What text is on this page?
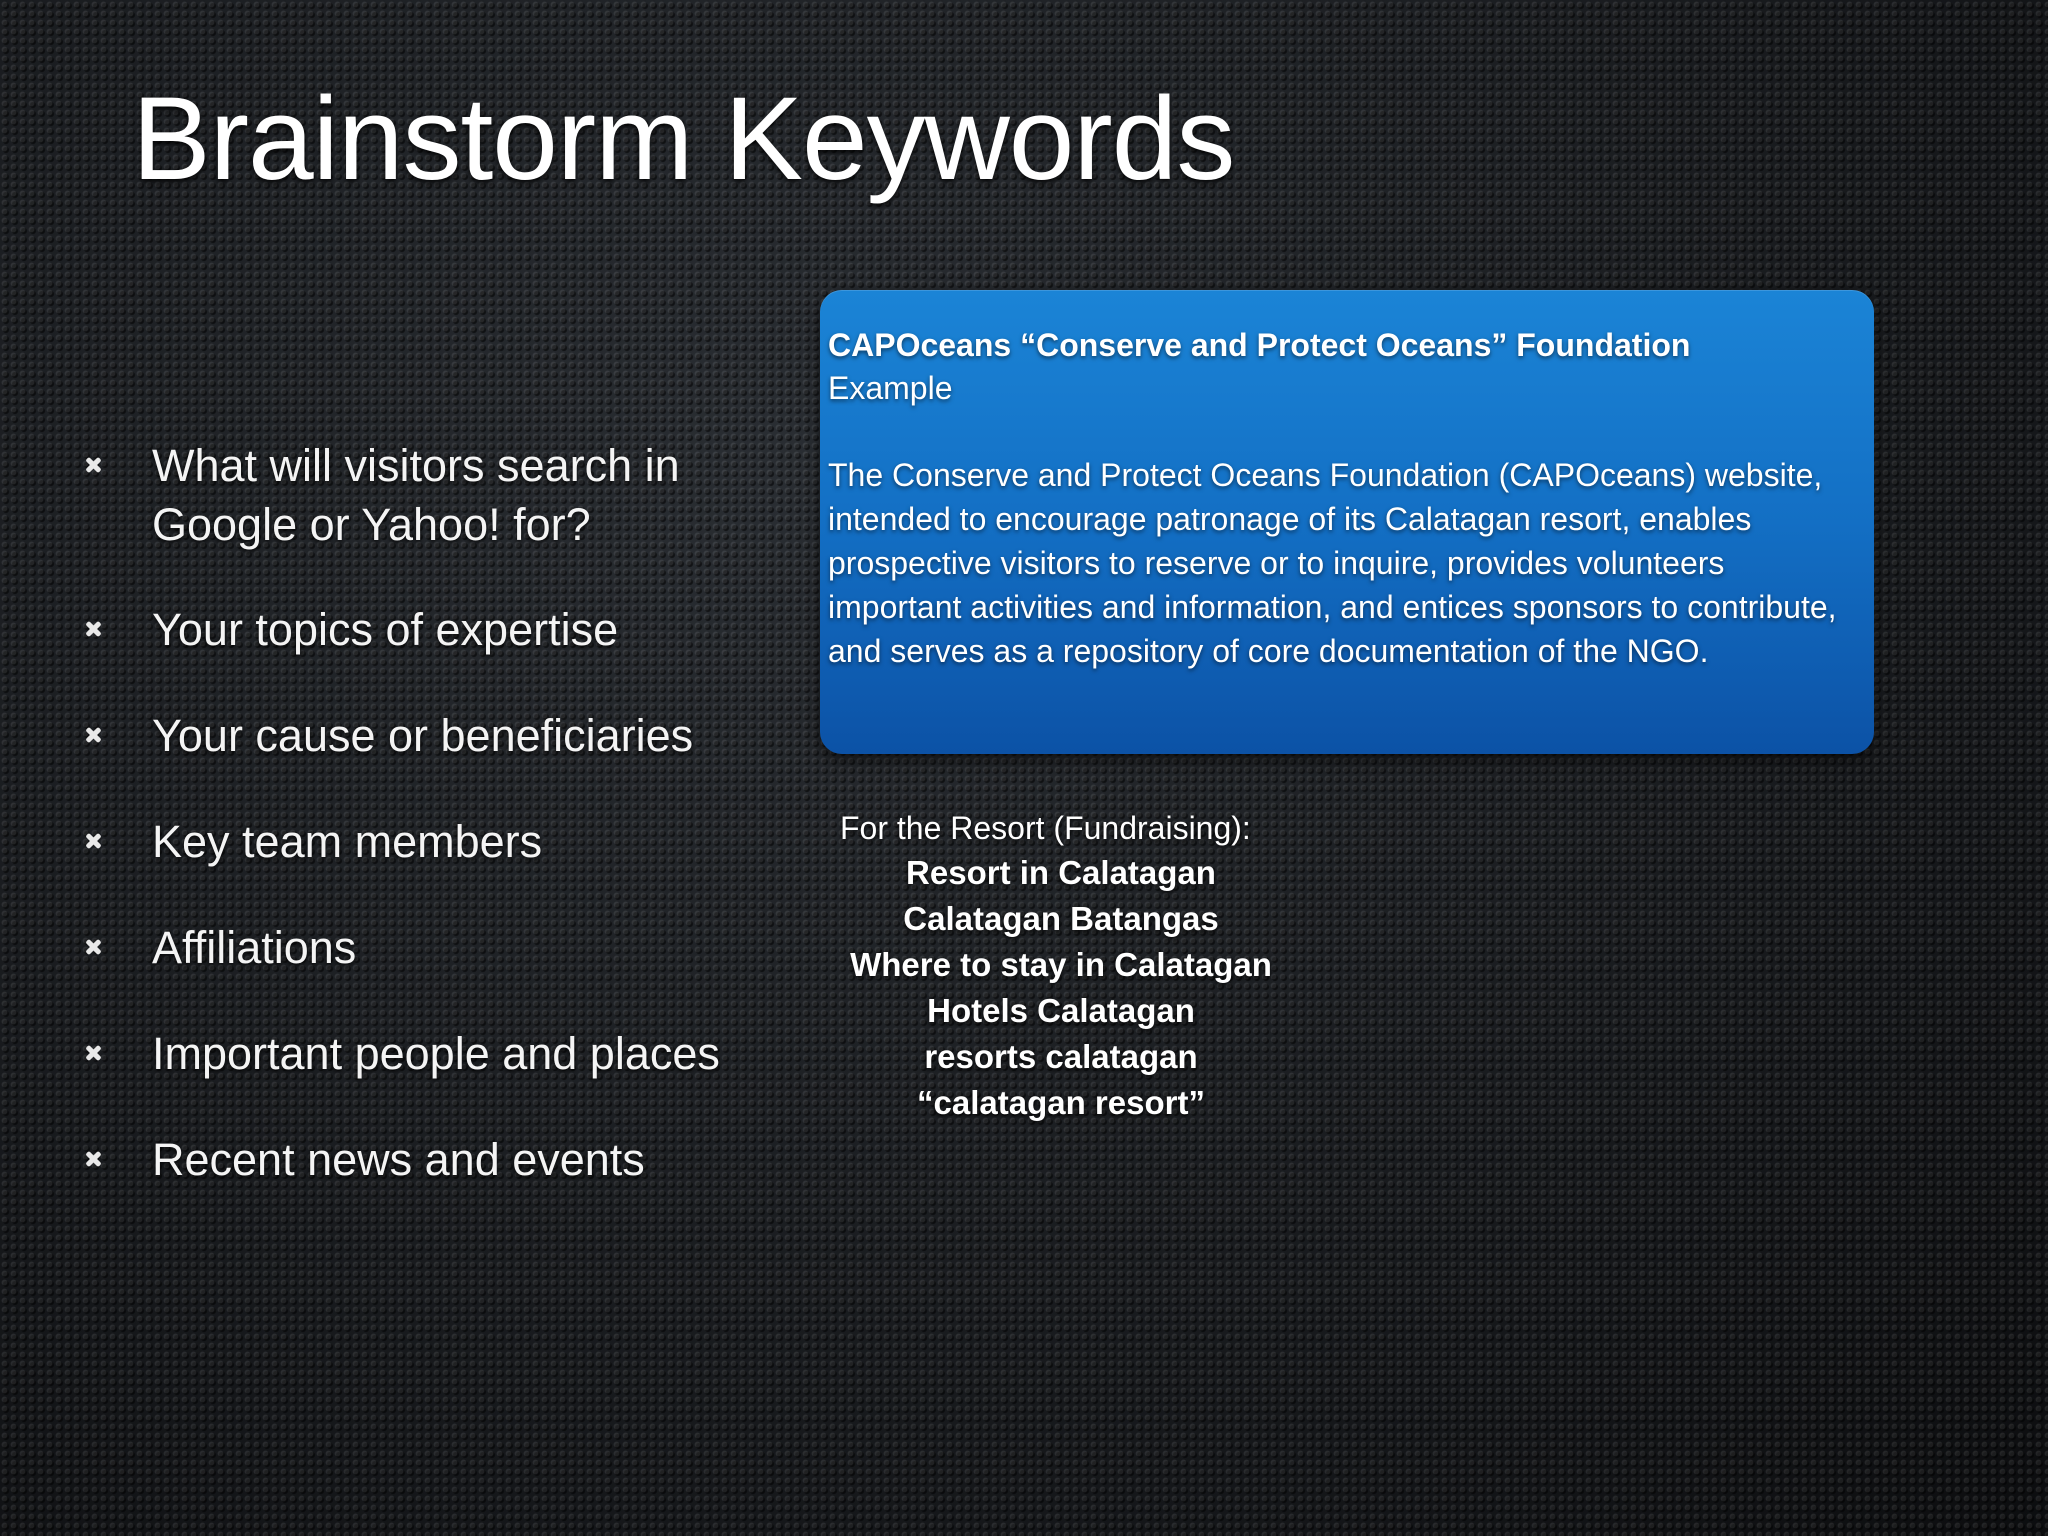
Brainstorm Keywords
What will visitors search in Google or Yahoo! for?
Your topics of expertise
Your cause or beneficiaries
Key team members
Affiliations
Important people and places
Recent news and events

CAPOceans “Conserve and Protect Oceans” Foundation

Example

The Conserve and Protect Oceans Foundation (CAPOceans) website, intended to encourage patronage of its Calatagan resort, enables prospective visitors to reserve or to inquire, provides volunteers important activities and information, and entices sponsors to contribute, and serves as a repository of core documentation of the NGO.

For the Resort (Fundraising):

Resort in Calatagan
Calatagan Batangas
Where to stay in Calatagan
Hotels Calatagan
resorts calatagan
“calatagan resort”
